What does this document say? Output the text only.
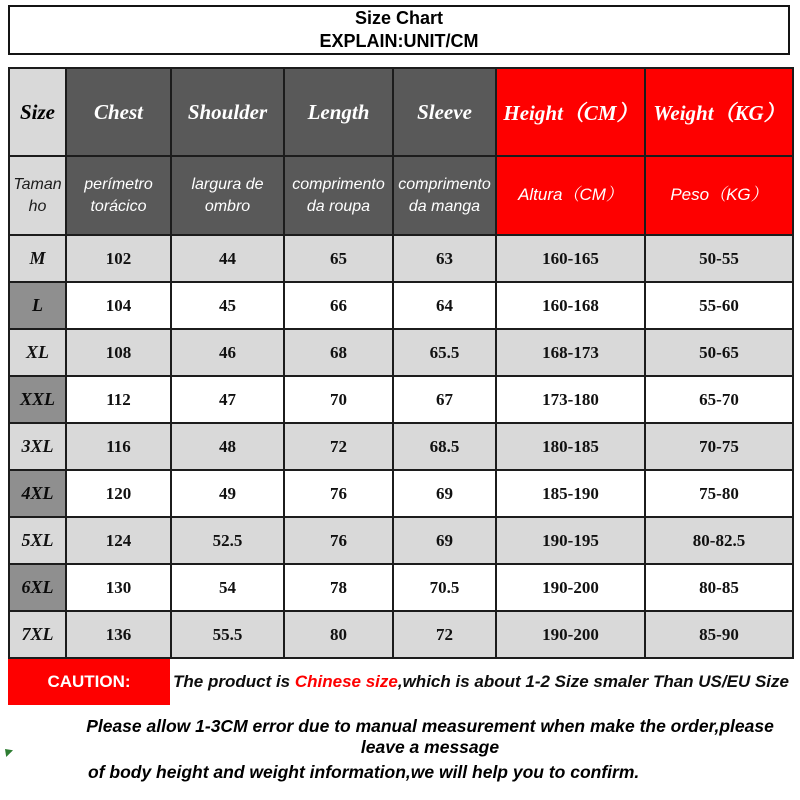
Size Chart
EXPLAIN:UNIT/CM
Size	Chest	Shoulder	Length	Sleeve	Height（CM）	Weight（KG）
Tamanho	perímetro torácico	largura de ombro	comprimento da roupa	comprimento da manga	Altura（CM）	Peso（KG）
M	102	44	65	63	160-165	50-55
L	104	45	66	64	160-168	55-60
XL	108	46	68	65.5	168-173	50-65
XXL	112	47	70	67	173-180	65-70
3XL	116	48	72	68.5	180-185	70-75
4XL	120	49	76	69	185-190	75-80
5XL	124	52.5	76	69	190-195	80-82.5
6XL	130	54	78	70.5	190-200	80-85
7XL	136	55.5	80	72	190-200	85-90
CAUTION:	The product is Chinese size ,which is about 1-2 Size smaler Than US/EU Size
Please allow 1-3CM error due to manual measurement when make the order,please leave a message
of body height and weight information,we will help you to confirm.
